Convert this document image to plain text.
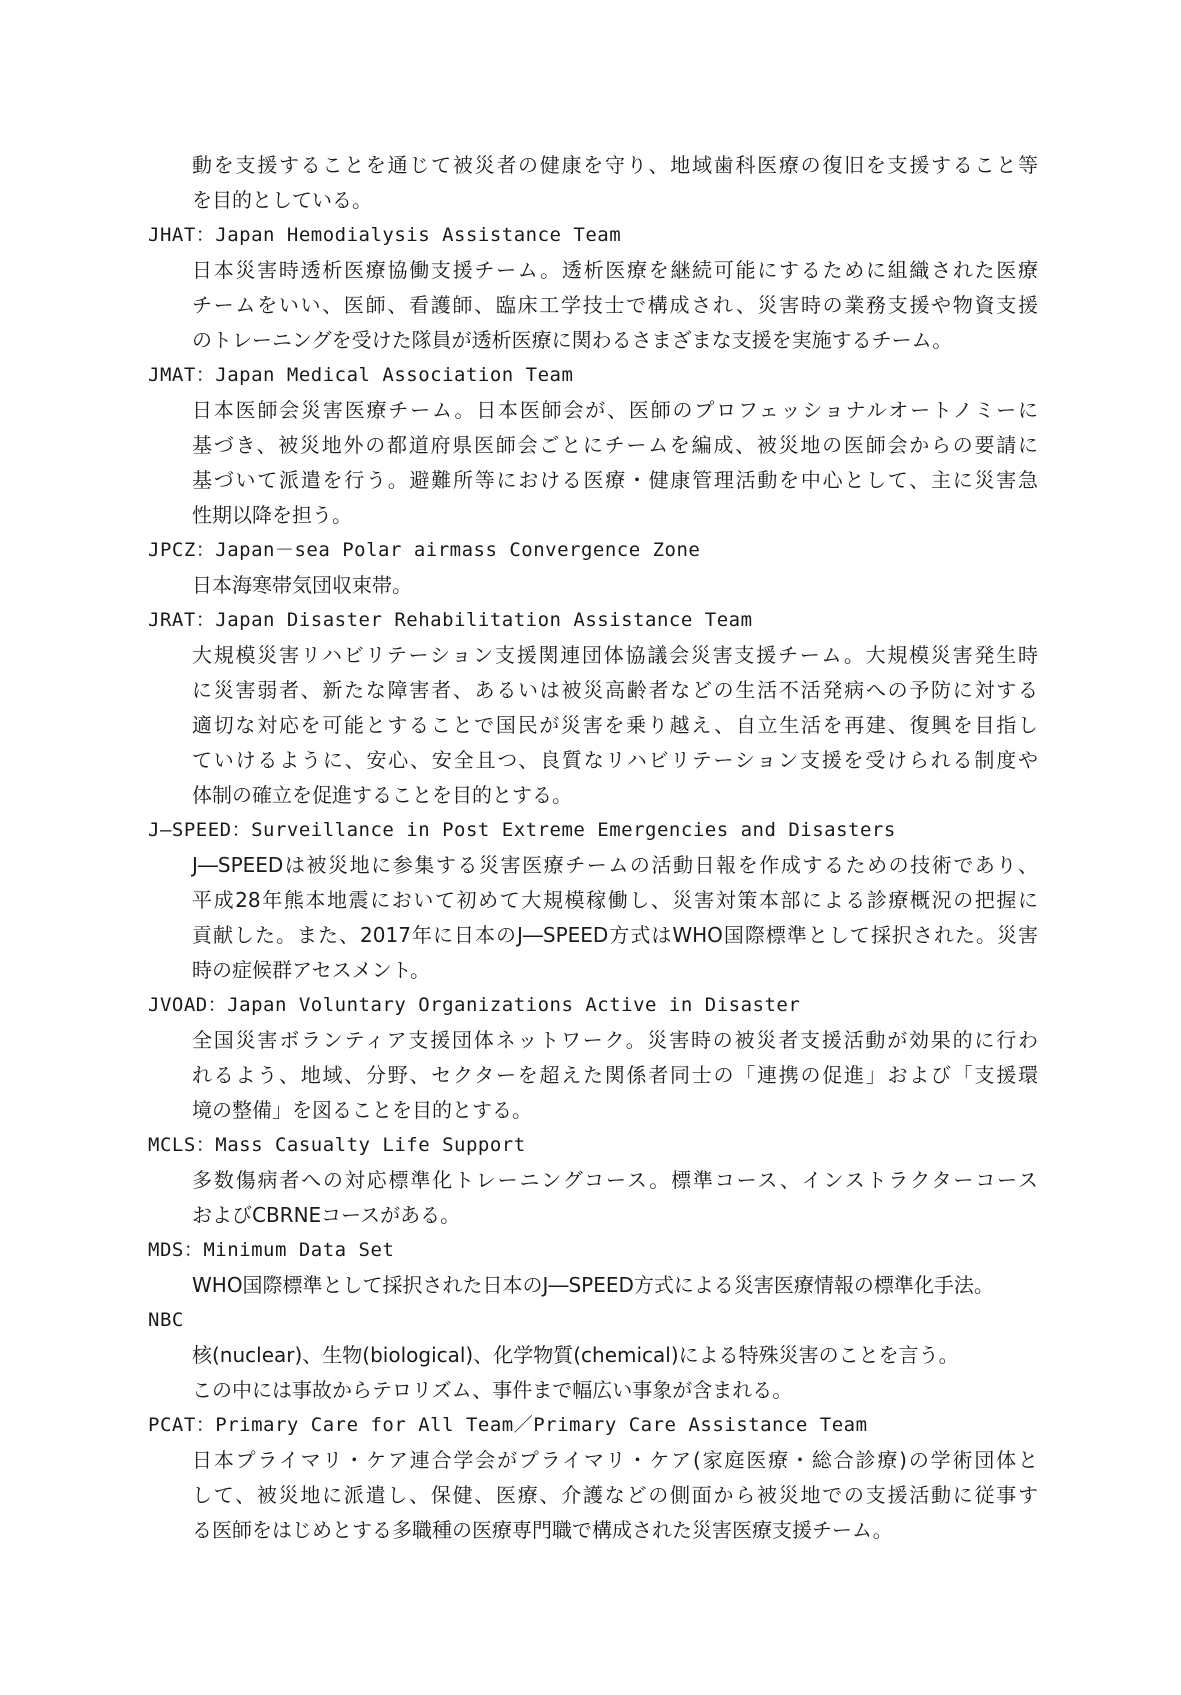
動を支援することを通じて被災者の健康を守り、地域歯科医療の復旧を支援すること等
を目的としている。
JHAT：Japan Hemodialysis Assistance Team
日本災害時透析医療協働支援チーム。透析医療を継続可能にするために組織された医療
チームをいい、医師、看護師、臨床工学技士で構成され、災害時の業務支援や物資支援
のトレーニングを受けた隊員が透析医療に関わるさまざまな支援を実施するチーム。
JMAT：Japan Medical Association Team
日本医師会災害医療チーム。日本医師会が、医師のプロフェッショナルオートノミーに
基づき、被災地外の都道府県医師会ごとにチームを編成、被災地の医師会からの要請に
基づいて派遣を行う。避難所等における医療・健康管理活動を中心として、主に災害急
性期以降を担う。
JPCZ：Japan－sea Polar airmass Convergence Zone
日本海寒帯気団収束帯。
JRAT：Japan Disaster Rehabilitation Assistance Team
大規模災害リハビリテーション支援関連団体協議会災害支援チーム。大規模災害発生時
に災害弱者、新たな障害者、あるいは被災高齢者などの生活不活発病への予防に対する
適切な対応を可能とすることで国民が災害を乗り越え、自立生活を再建、復興を目指し
ていけるように、安心、安全且つ、良質なリハビリテーション支援を受けられる制度や
体制の確立を促進することを目的とする。
J―SPEED：Surveillance in Post Extreme Emergencies and Disasters
J―SPEEDは被災地に参集する災害医療チームの活動日報を作成するための技術であり、
平成28年熊本地震において初めて大規模稼働し、災害対策本部による診療概況の把握に
貢献した。また、2017年に日本のJ―SPEED方式はWHO国際標準として採択された。災害
時の症候群アセスメント。
JVOAD：Japan Voluntary Organizations Active in Disaster
全国災害ボランティア支援団体ネットワーク。災害時の被災者支援活動が効果的に行わ
れるよう、地域、分野、セクターを超えた関係者同士の「連携の促進」および「支援環
境の整備」を図ることを目的とする。
MCLS：Mass Casualty Life Support
多数傷病者への対応標準化トレーニングコース。標準コース、インストラクターコース
およびCBRNEコースがある。
MDS：Minimum Data Set
WHO国際標準として採択された日本のJ―SPEED方式による災害医療情報の標準化手法。
NBC
核(nuclear)、生物(biological)、化学物質(chemical)による特殊災害のことを言う。
この中には事故からテロリズム、事件まで幅広い事象が含まれる。
PCAT：Primary Care for All Team／Primary Care Assistance Team
日本プライマリ・ケア連合学会がプライマリ・ケア(家庭医療・総合診療)の学術団体と
して、被災地に派遣し、保健、医療、介護などの側面から被災地での支援活動に従事す
る医師をはじめとする多職種の医療専門職で構成された災害医療支援チーム。
